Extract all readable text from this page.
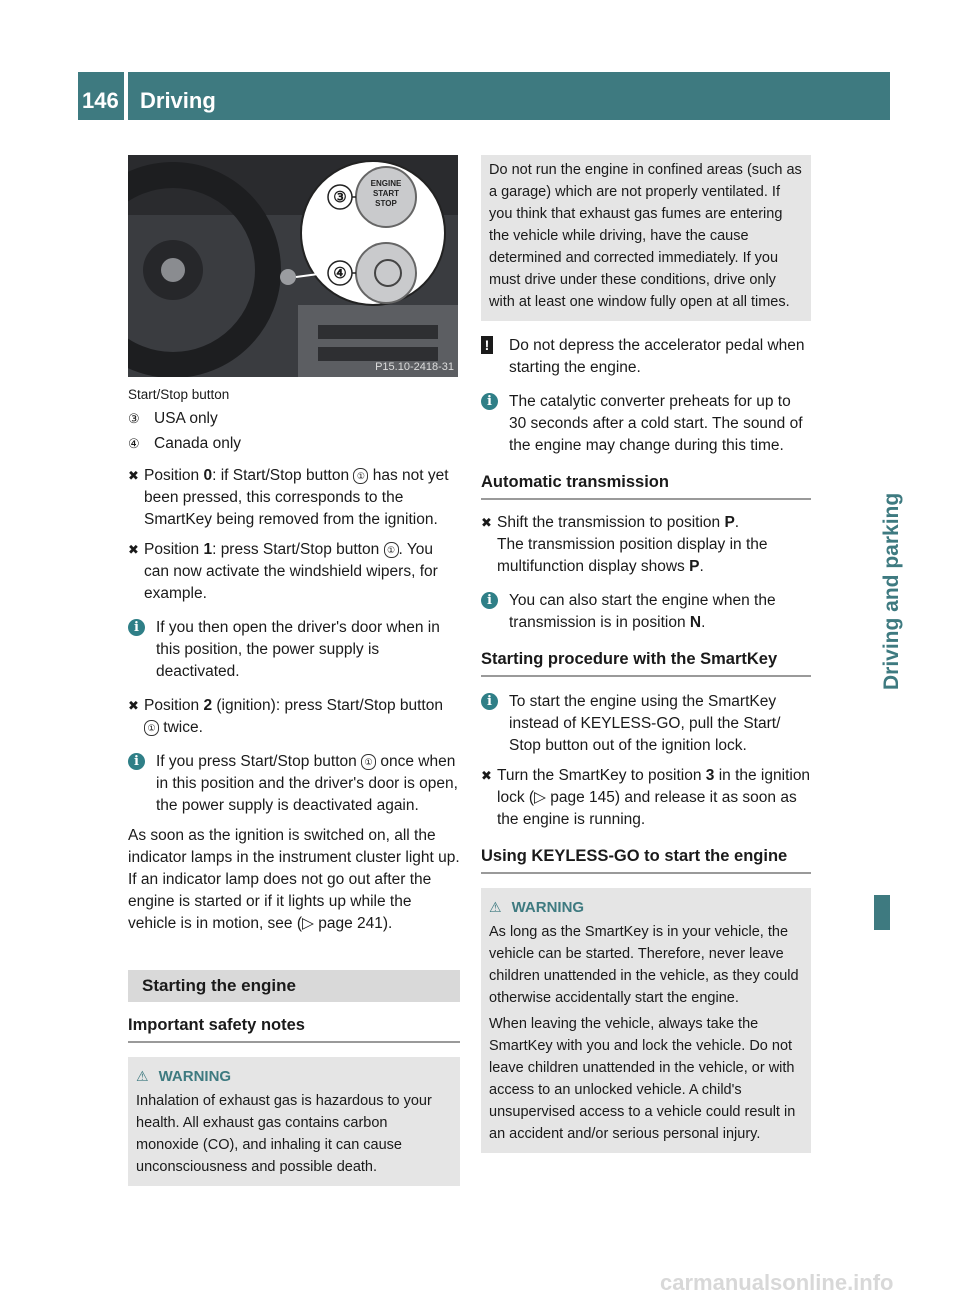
146 Driving
Driving and parking
③
④
ENGINE
START
STOP
P15.10-2418-31
Start/Stop button

③ USA only

④ Canada only

✖ Position 0: if Start/Stop button ① has not yet been pressed, this corresponds to the SmartKey being removed from the ignition.

✖ Position 1: press Start/Stop button ① . You can now activate the windshield wipers, for example.

i	If you then open the driver's door when in this position, the power supply is deactivated.

✖ Position 2 (ignition): press Start/Stop button ① twice.

i	If you press Start/Stop button ① once when in this position and the driver's door is open, the power supply is deactivated again.

As soon as the ignition is switched on, all the indicator lamps in the instrument cluster light up. If an indicator lamp does not go out after the engine is started or if it lights up while the vehicle is in motion, see (▷ page 241).

Starting the engine
Important safety notes
⚠ WARNING
Inhalation of exhaust gas is hazardous to your health. All exhaust gas contains carbon monoxide (CO), and inhaling it can cause unconsciousness and possible death.
Do not run the engine in confined areas (such as a garage) which are not properly ventilated. If you think that exhaust gas fumes are entering the vehicle while driving, have the cause determined and corrected immediately. If you must drive under these conditions, drive only with at least one window fully open at all times.

! Do not depress the accelerator pedal when starting the engine.

i	The catalytic converter preheats for up to 30 seconds after a cold start. The sound of the engine may change during this time.

Automatic transmission

✖ Shift the transmission to position P.
The transmission position display in the multifunction display shows P.

i	You can also start the engine when the transmission is in position N.

Starting procedure with the SmartKey

i	To start the engine using the SmartKey instead of KEYLESS-GO, pull the Start/ Stop button out of the ignition lock.

✖ Turn the SmartKey to position 3 in the ignition lock (▷ page 145) and release it as soon as the engine is running.

Using KEYLESS-GO to start the engine
⚠ WARNING
As long as the SmartKey is in your vehicle, the vehicle can be started. Therefore, never leave children unattended in the vehicle, as they could otherwise accidentally start the engine.
When leaving the vehicle, always take the SmartKey with you and lock the vehicle. Do not leave children unattended in the vehicle, or with access to an unlocked vehicle. A child's unsupervised access to a vehicle could result in an accident and/or serious personal injury.
carmanualsonline.info
